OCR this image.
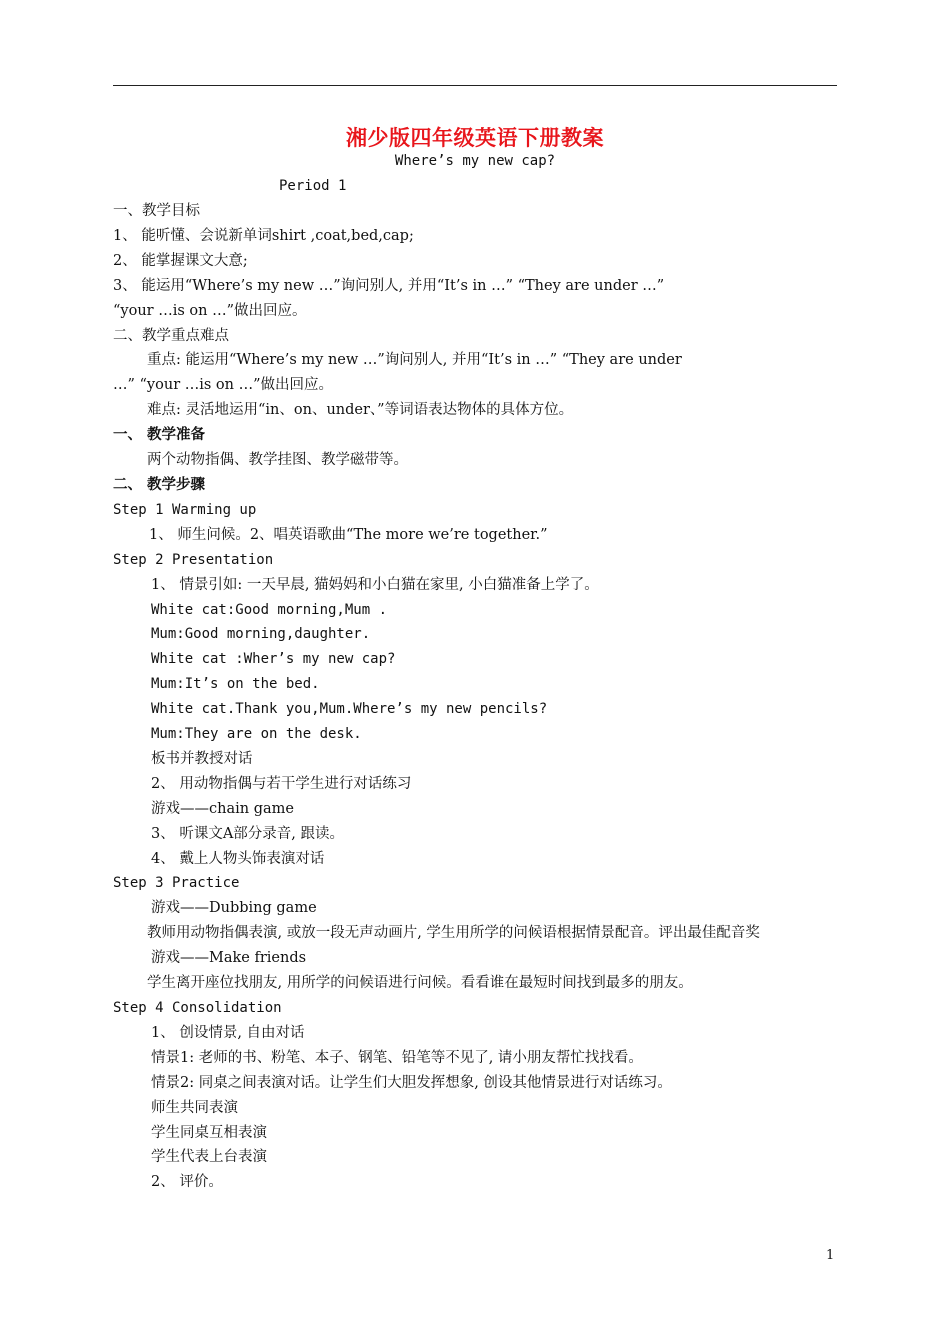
湘少版四年级英语下册教案
Where’s my new cap?
Period 1

一、教学目标

1、 能听懂、会说新单词shirt ,coat,bed,cap;

2、 能掌握课文大意;

3、 能运用“Where’s my new …”询问别人, 并用“It’s in …” “They are under …”

“your …is on …”做出回应。

二、教学重点难点

重点: 能运用“Where’s my new …”询问别人, 并用“It’s in …” “They are under

…” “your …is on …”做出回应。

难点: 灵活地运用“in、on、under、”等词语表达物体的具体方位。

一、 教学准备

两个动物指偶、教学挂图、教学磁带等。

二、 教学步骤

Step 1 Warming up

1、 师生问候。2、唱英语歌曲“The more we’re together.”

Step 2 Presentation

1、 情景引如: 一天早晨, 猫妈妈和小白猫在家里, 小白猫准备上学了。

White cat:Good morning,Mum .

Mum:Good morning,daughter.

White cat :Wher’s my new cap?

Mum:It’s on the bed.

White cat.Thank you,Mum.Where’s my new pencils?

Mum:They are on the desk.

板书并教授对话

2、 用动物指偶与若干学生进行对话练习

游戏——chain game

3、 听课文A部分录音, 跟读。

4、 戴上人物头饰表演对话

Step 3 Practice

游戏——Dubbing game

教师用动物指偶表演, 或放一段无声动画片, 学生用所学的问候语根据情景配音。评出最佳配音奖

游戏——Make friends

学生离开座位找朋友, 用所学的问候语进行问候。看看谁在最短时间找到最多的朋友。

Step 4 Consolidation

1、 创设情景, 自由对话

情景1: 老师的书、粉笔、本子、钢笔、铅笔等不见了, 请小朋友帮忙找找看。

情景2: 同桌之间表演对话。让学生们大胆发挥想象, 创设其他情景进行对话练习。

师生共同表演

学生同桌互相表演

学生代表上台表演

2、 评价。

1
